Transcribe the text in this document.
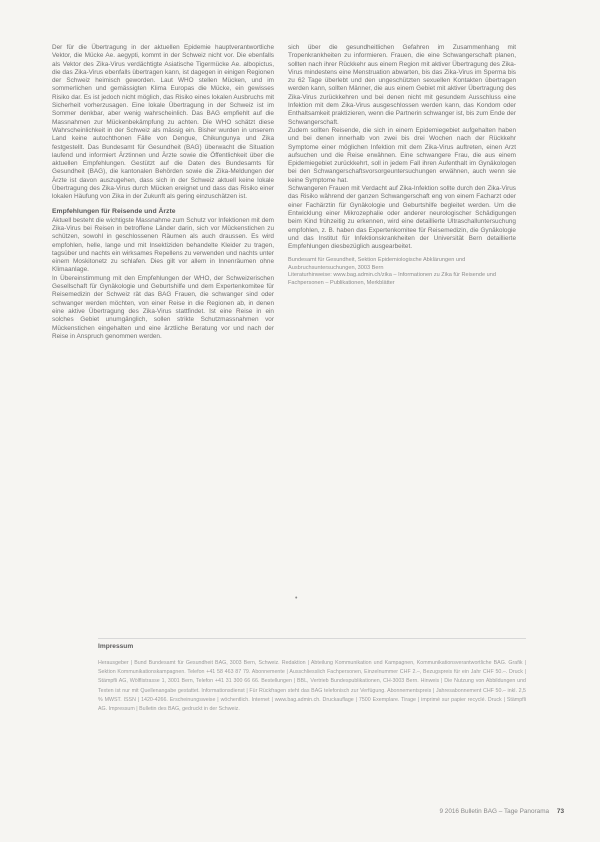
Der für die Übertragung in der aktuellen Epidemie hauptverantwortliche Vektor, die Mücke Ae. aegypti, kommt in der Schweiz nicht vor. Die ebenfalls als Vektor des Zika-Virus verdächtigte Asiatische Tigermücke Ae. albopictus, die das Zika-Virus ebenfalls übertragen kann, ist dagegen in einigen Regionen der Schweiz heimisch geworden. Laut WHO stellen Mücken, und im sommerlichen und gemässigten Klima Europas die Mücke, ein gewisses Risiko dar. Es ist jedoch nicht möglich, das Risiko eines lokalen Ausbruchs mit Sicherheit vorherzusagen. Eine lokale Übertragung in der Schweiz ist im Sommer denkbar, aber wenig wahrscheinlich. Das BAG empfiehlt auf die Massnahmen zur Mückenbekämpfung zu achten. Die WHO schätzt diese Wahrscheinlichkeit in der Schweiz als mässig ein. Bisher wurden in unserem Land keine autochthonen Fälle von Dengue, Chikungunya und Zika festgestellt. Das Bundesamt für Gesundheit (BAG) überwacht die Situation laufend und informiert Ärztinnen und Ärzte sowie die Öffentlichkeit über die aktuellen Empfehlungen. Gestützt auf die Daten des Bundesamts für Gesundheit (BAG), die kantonalen Behörden sowie die Zika-Meldungen der Ärzte ist davon auszugehen, dass sich in der Schweiz aktuell keine lokale Übertragung des Zika-Virus durch Mücken ereignet und dass das Risiko einer lokalen Häufung von Zika in der Zukunft als gering einzuschätzen ist.

Empfehlungen für Reisende und Ärzte

Aktuell besteht die wichtigste Massnahme zum Schutz vor Infektionen mit dem Zika-Virus bei Reisen in betroffene Länder darin, sich vor Mückenstichen zu schützen, sowohl in geschlossenen Räumen als auch draussen. Es wird empfohlen, helle, lange und mit Insektiziden behandelte Kleider zu tragen, tagsüber und nachts ein wirksames Repellens zu verwenden und nachts unter einem Moskitonetz zu schlafen. Dies gilt vor allem in Innenräumen ohne Klimaanlage.

In Übereinstimmung mit den Empfehlungen der WHO, der Schweizerischen Gesellschaft für Gynäkologie und Geburtshilfe und dem Expertenkomitee für Reisemedizin der Schweiz rät das BAG Frauen, die schwanger sind oder schwanger werden möchten, von einer Reise in die Regionen ab, in denen eine aktive Übertragung des Zika-Virus stattfindet. Ist eine Reise in ein solches Gebiet unumgänglich, sollen strikte Schutzmassnahmen vor Mückenstichen eingehalten und eine ärztliche Beratung vor und nach der Reise in Anspruch genommen werden.

sich über die gesundheitlichen Gefahren im Zusammenhang mit Tropenkrankheiten zu informieren. Frauen, die eine Schwangerschaft planen, sollten nach ihrer Rückkehr aus einem Region mit aktiver Übertragung des Zika-Virus mindestens eine Menstruation abwarten, bis das Zika-Virus im Sperma bis zu 62 Tage überlebt und den ungeschützten sexuellen Kontakten übertragen werden kann, sollten Männer, die aus einem Gebiet mit aktiver Übertragung des Zika-Virus zurückkehren und bei denen nicht mit gesundem Ausschluss eine Infektion mit dem Zika-Virus ausgeschlossen werden kann, das Kondom oder Enthaltsamkeit praktizieren, wenn die Partnerin schwanger ist, bis zum Ende der Schwangerschaft.

Zudem sollten Reisende, die sich in einem Epidemiegebiet aufgehalten haben und bei denen innerhalb von zwei bis drei Wochen nach der Rückkehr Symptome einer möglichen Infektion mit dem Zika-Virus auftreten, einen Arzt aufsuchen und die Reise erwähnen. Eine schwangere Frau, die aus einem Epidemiegebiet zurückkehrt, soll in jedem Fall ihren Aufenthalt im Gynäkologen bei den Schwangerschaftsvorsorgeuntersuchungen erwähnen, auch wenn sie keine Symptome hat.

Schwangeren Frauen mit Verdacht auf Zika-Infektion sollte durch den Zika-Virus das Risiko während der ganzen Schwangerschaft eng von einem Facharzt oder einer Fachärztin für Gynäkologie und Geburtshilfe begleitet werden. Um die Entwicklung einer Mikrozephalie oder anderer neurologischer Schädigungen beim Kind frühzeitig zu erkennen, wird eine detaillierte Ultraschalluntersuchung empfohlen, z. B. haben das Expertenkomitee für Reisemedizin, die Gynäkologie und das Institut für Infektionskrankheiten der Universität Bern detaillierte Empfehlungen diesbezüglich ausgearbeitet.

Bundesamt für Gesundheit, Sektion Epidemiologische Abklärungen und Ausbruchsuntersuchungen, 3003 Bern

Literaturhinweise: www.bag.admin.ch/zika – Informationen zu Zika für Reisende und Fachpersonen – Publikationen, Merkblätter

•
Impressum
Herausgeber | Bund Bundesamt für Gesundheit BAG, 3003 Bern, Schweiz. Redaktion | Abteilung Kommunikation und Kampagnen, Kommunikationsverantwortliche BAG. Grafik | Sektion Kommunikationskampagnen. Telefon +41 58 463 87 79. Abonnemente | Ausschliesslich Fachpersonen, Einzelnummer CHF 2.–, Bezugspreis für ein Jahr CHF 50.–. Druck | Stämpfli AG, Wölflistrasse 1, 3001 Bern, Telefon +41 31 300 66 66. Bestellungen | BBL, Vertrieb Bundespublikationen, CH-3003 Bern. Hinweis | Die Nutzung von Abbildungen und Texten ist nur mit Quellenangabe gestattet. Informationsdienst | Für Rückfragen steht das BAG telefonisch zur Verfügung. Abonnementspreis | Jahresabonnement CHF 50.– inkl. 2,5 % MWST. ISSN | 1420-4266. Erscheinungsweise | wöchentlich. Internet | www.bag.admin.ch. Druckauflage | 7500 Exemplare. Tirage | imprimé sur papier recyclé. Druck | Stämpfli AG. Impressum | Bulletin des BAG, gedruckt in der Schweiz.
9 2016 Bulletin BAG – Tage Panorama 73
